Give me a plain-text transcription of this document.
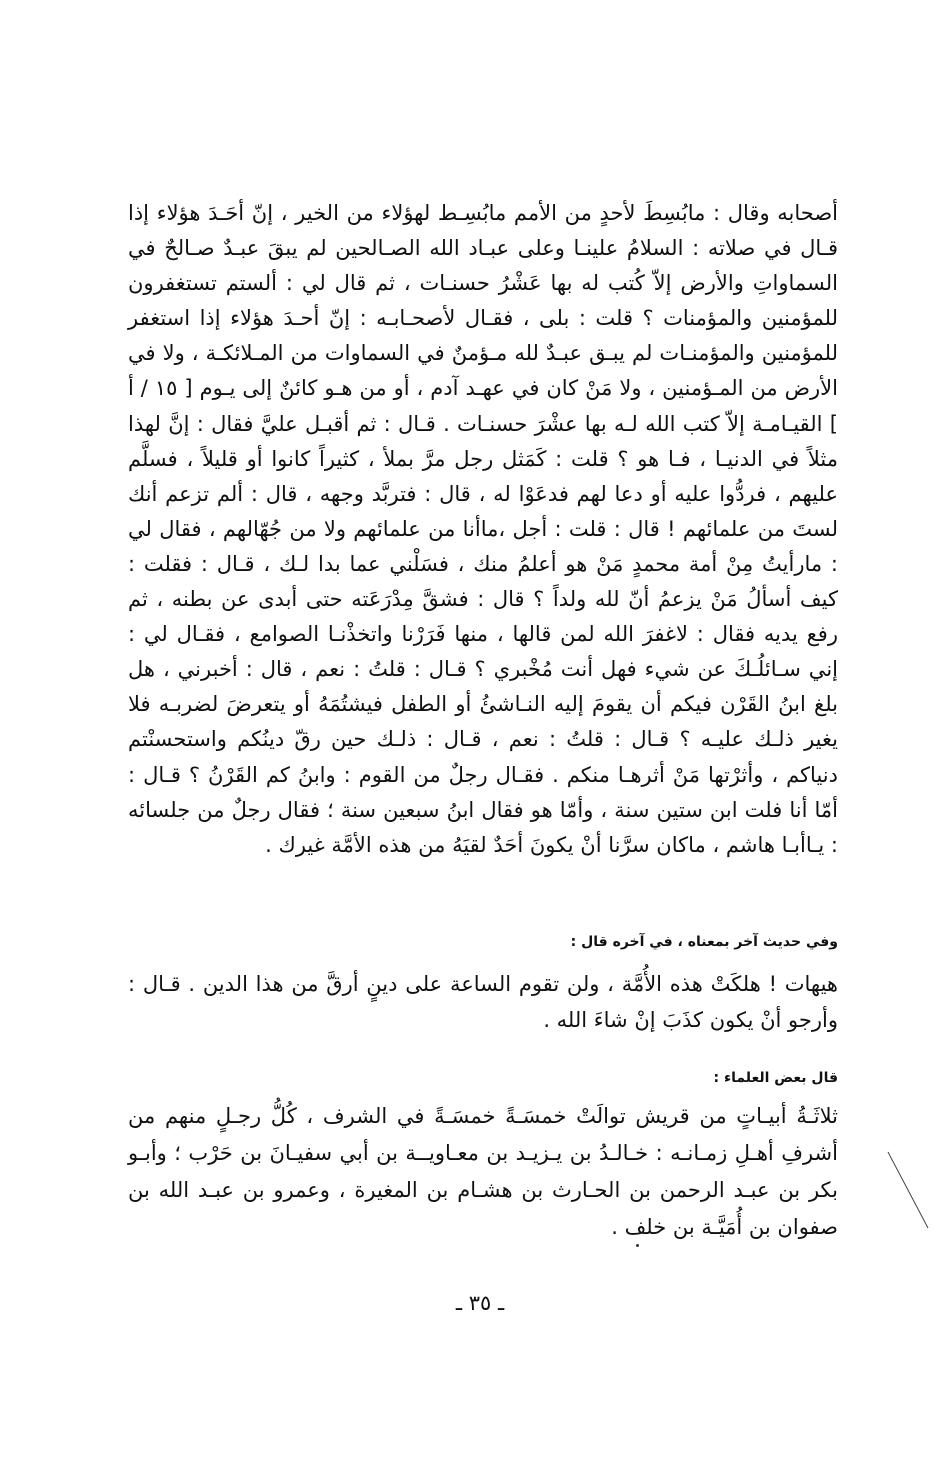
أصحابه وقال : مابُسِطَ لأحدٍ من الأمم مابُسِـط لهؤلاء من الخير ، إنّ أحَـدَ هؤلاء إذا قـال في صلاته : السلامُ علينـا وعلى عبـاد الله الصـالحين لم يبقَ عبـدٌ صـالحٌ في السماواتِ والأرض إلاّ كُتب له بها عَشْرُ حسنـات ، ثم قال لي : ألستم تستغفرون للمؤمنين والمؤمنات ؟ قلت : بلى ، فقـال لأصحـابـه : إنّ أحـدَ هؤلاء إذا استغفر للمؤمنين والمؤمنـات لم يبـق عبـدٌ لله مـؤمنٌ في السماوات من المـلائكـة ، ولا في الأرض من المـؤمنين ، ولا مَنْ كان في عهـد آدم ، أو من هـو كائنٌ إلى يـوم [ ١٥ / أ ] القيـامـة إلاّ كتب الله لـه بها عشْرَ حسنـات . قـال : ثم أقبـل عليَّ فقال : إنَّ لهذا مثلاً في الدنيـا ، فـا هو ؟ قلت : كَمَثل رجل مرَّ بملأ ، كثيراً كانوا أو قليلاً ، فسلَّم عليهم ، فردُّوا عليه أو دعا لهم فدعَوْا له ، قال : فتربَّد وجهه ، قال : ألم تزعم أنك لستَ من علمائهم ! قال : قلت : أجل ،ماأنا من علمائهم ولا من جُهّالهم ، فقال لي : مارأيتُ مِنْ أمة محمدٍ مَنْ هو أعلمُ منك ، فسَلْني عما بدا لـك ، قـال : فقلت : كيف أسألُ مَنْ يزعمُ أنّ لله ولداً ؟ قال : فشقَّ مِدْرَعَته حتى أبدى عن بطنه ، ثم رفع يديه فقال : لاغفرَ الله لمن قالها ، منها فَرَرْنا واتخذْنـا الصوامع ، فقـال لي : إني سـائلُـكَ عن شيء فهل أنت مُخْبري ؟ قـال : قلتُ : نعم ، قال : أخبرني ، هل بلغ ابنُ القَرْن فيكم أن يقومَ إليه النـاشئُ أو الطفل فيشتُمَهُ أو يتعرضَ لضربـه فلا يغير ذلـك عليـه ؟ قـال : قلتُ : نعم ، قـال : ذلـك حين رقّ دينُكم واستحسنْتم دنياكم ، وأثرْتها مَنْ أثرهـا منكم . فقـال رجلٌ من القوم : وابنُ كم القَرْنُ ؟ قـال : أمّا أنا فلت ابن ستين سنة ، وأمّا هو فقال ابنُ سبعين سنة ؛ فقال رجلٌ من جلسائه : يـاأبـا هاشم ، ماكان سرَّنا أنْ يكونَ أحَدٌ لقيَهُ من هذه الأمَّة غيرك .

وفي حديث آخر بمعناه ، في آخره قال :

هيهات ! هلكَتْ هذه الأُمَّة ، ولن تقوم الساعة على دينٍ أرقَّ من هذا الدين . قـال : وأرجو أنْ يكون كذَبَ إنْ شاءَ الله .

قال بعض العلماء :

ثلاثَـةُ أبيـاتٍ من قريش توالَتْ خمسَـةً خمسَـةً في الشرف ، كُلُّ رجـلٍ منهم من أشرفِ أهـلِ زمـانـه : خـالـدُ بن يـزيـد بن معـاويــة بن أبي سفيـانَ بن حَرْب ؛ وأبـو بكر بن عبـد الرحمن بن الحـارث بن هشـام بن المغيرة ، وعمرو بن عبـد الله بن صفوان بن أُمَيَّـة بن خلف .

ـ ٣٥ ـ
